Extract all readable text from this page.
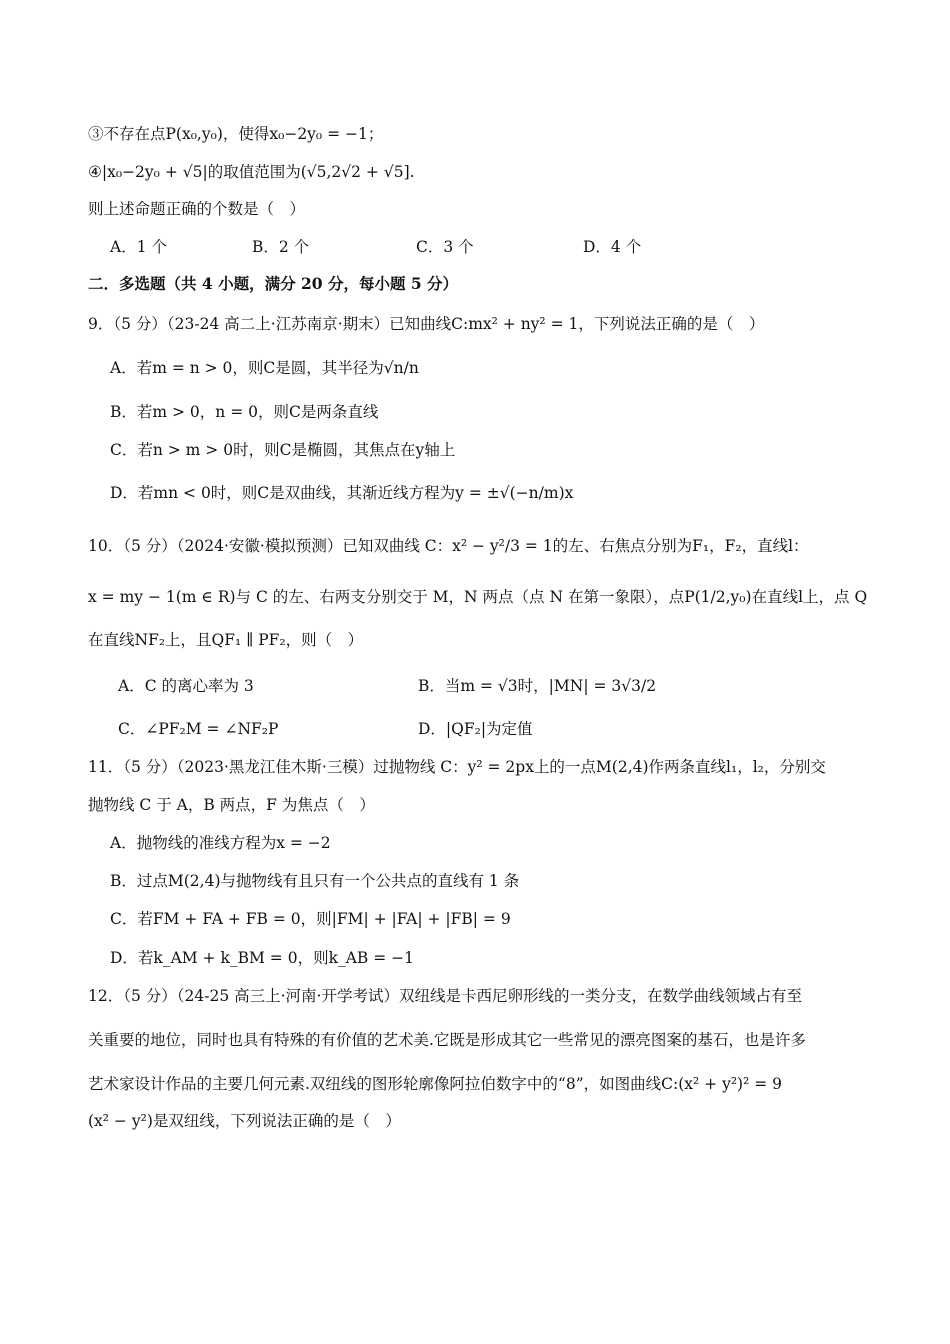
③不存在点P(x₀,y₀)，使得x₀−2y₀ = −1；
④|x₀−2y₀ + √5|的取值范围为(√5,2√2 + √5].
则上述命题正确的个数是（　）
A．1 个	B．2 个	C．3 个	D．4 个
二．多选题（共 4 小题，满分 20 分，每小题 5 分）
9．（5 分）（23-24 高二上·江苏南京·期末）已知曲线C:mx² + ny² = 1，下列说法正确的是（　）
A．若m = n > 0，则C是圆，其半径为√n/n
B．若m > 0，n = 0，则C是两条直线
C．若n > m > 0时，则C是椭圆，其焦点在y轴上
D．若mn < 0时，则C是双曲线，其渐近线方程为y = ±√(−n/m)x
10．（5 分）（2024·安徽·模拟预测）已知双曲线 C：x² − y²/3 = 1的左、右焦点分别为F₁，F₂，直线l：
x = my − 1(m ∈ R)与 C 的左、右两支分别交于 M，N 两点（点 N 在第一象限），点P(1/2,y₀)在直线l上，点 Q
在直线NF₂上，且QF₁ ∥ PF₂，则（　）
A．C 的离心率为 3	B．当m = √3时，|MN| = 3√3/2
C．∠PF₂M = ∠NF₂P	D．|QF₂|为定值
11．（5 分）（2023·黑龙江佳木斯·三模）过抛物线 C：y² = 2px上的一点M(2,4)作两条直线l₁，l₂，分别交
抛物线 C 于 A，B 两点，F 为焦点（　）
A．抛物线的准线方程为x = −2
B．过点M(2,4)与抛物线有且只有一个公共点的直线有 1 条
C．若FM + FA + FB = 0，则|FM| + |FA| + |FB| = 9
D．若k_AM + k_BM = 0，则k_AB = −1
12．（5 分）（24-25 高三上·河南·开学考试）双纽线是卡西尼卵形线的一类分支，在数学曲线领域占有至
关重要的地位，同时也具有特殊的有价值的艺术美.它既是形成其它一些常见的漂亮图案的基石，也是许多
艺术家设计作品的主要几何元素.双纽线的图形轮廓像阿拉伯数字中的“8”，如图曲线C:(x² + y²)² = 9
(x² − y²)是双纽线，下列说法正确的是（　）
